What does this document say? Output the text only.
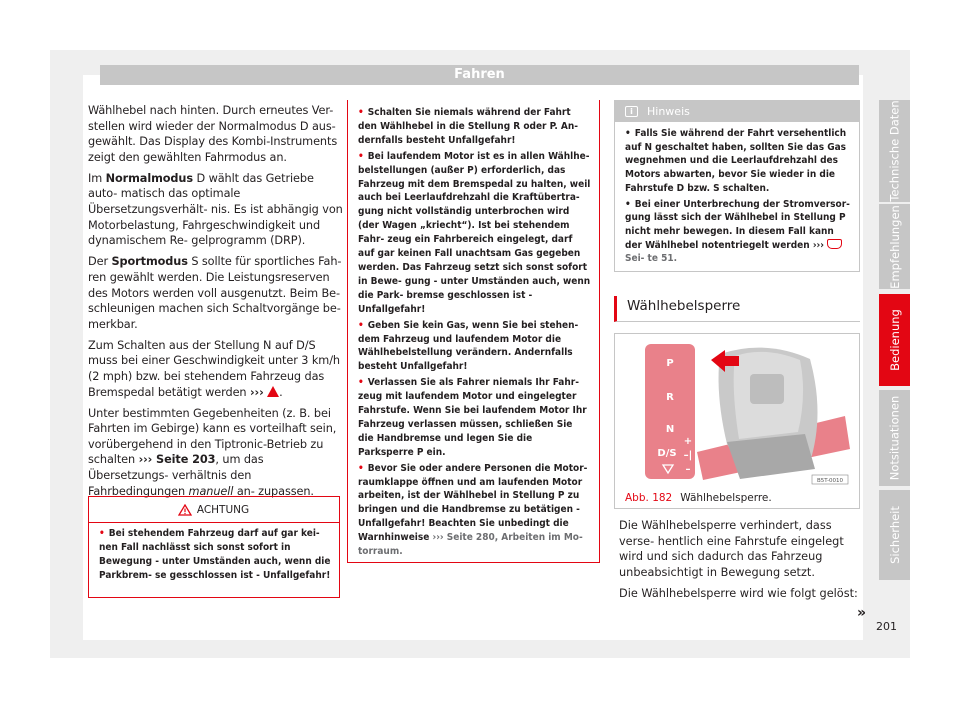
Fahren

Wählhebel nach hinten. Durch erneutes Ver- stellen wird wieder der Normalmodus D aus- gewählt. Das Display des Kombi-Instruments zeigt den gewählten Fahrmodus an.

Im Normalmodus D wählt das Getriebe auto- matisch das optimale Übersetzungsverhält- nis. Es ist abhängig von Motorbelastung, Fahrgeschwindigkeit und dynamischem Re- gelprogramm (DRP).

Der Sportmodus S sollte für sportliches Fah- ren gewählt werden. Die Leistungsreserven des Motors werden voll ausgenutzt. Beim Be- schleunigen machen sich Schaltvorgänge be- merkbar.

Zum Schalten aus der Stellung N auf D/S muss bei einer Geschwindigkeit unter 3 km/h (2 mph) bzw. bei stehendem Fahrzeug das Bremspedal betätigt werden ››› .

Unter bestimmten Gegebenheiten (z. B. bei Fahrten im Gebirge) kann es vorteilhaft sein, vorübergehend in den Tiptronic-Betrieb zu schalten ››› Seite 203, um das Übersetzungs- verhältnis den Fahrbedingungen manuell an- zupassen.

ACHTUNG
• Bei stehendem Fahrzeug darf auf gar kei- nen Fall nachlässt sich sonst sofort in Bewegung - unter Umständen auch, wenn die Parkbrem- se gesschlossen ist - Unfallgefahr!
• Schalten Sie niemals während der Fahrt den Wählhebel in die Stellung R oder P. An- dernfalls besteht Unfallgefahr!
• Bei laufendem Motor ist es in allen Wählhe- belstellungen (außer P) erforderlich, das Fahrzeug mit dem Bremspedal zu halten, weil auch bei Leerlaufdrehzahl die Kraftübertra- gung nicht vollständig unterbrochen wird (der Wagen „kriecht“). Ist bei stehendem Fahr- zeug ein Fahrbereich eingelegt, darf auf gar keinen Fall unachtsam Gas gegeben werden. Das Fahrzeug setzt sich sonst sofort in Bewe- gung - unter Umständen auch, wenn die Park- bremse geschlossen ist - Unfallgefahr!
• Geben Sie kein Gas, wenn Sie bei stehen- dem Fahrzeug und laufendem Motor die Wählhebelstellung verändern. Andernfalls besteht Unfallgefahr!
• Verlassen Sie als Fahrer niemals Ihr Fahr- zeug mit laufendem Motor und eingelegter Fahrstufe. Wenn Sie bei laufendem Motor Ihr Fahrzeug verlassen müssen, schließen Sie die Handbremse und legen Sie die Parksperre P ein.
• Bevor Sie oder andere Personen die Motor- raumklappe öffnen und am laufenden Motor arbeiten, ist der Wählhebel in Stellung P zu bringen und die Handbremse zu betätigen - Unfallgefahr! Beachten Sie unbedingt die Warnhinweise ››› Seite 280, Arbeiten im Mo- torraum.
i	Hinweis
• Falls Sie während der Fahrt versehentlich auf N geschaltet haben, sollten Sie das Gas wegnehmen und die Leerlaufdrehzahl des Motors abwarten, bevor Sie wieder in die Fahrstufe D bzw. S schalten.
• Bei einer Unterbrechung der Stromversor- gung lässt sich der Wählhebel in Stellung P nicht mehr bewegen. In diesem Fall kann der Wählhebel notentriegelt werden ›››  Sei- te 51.
Wählhebelsperre
P
R
N
D/S
+
–|
–
B5T-0010
Abb. 182 Wählhebelsperre.

Die Wählhebelsperre verhindert, dass verse- hentlich eine Fahrstufe eingelegt wird und sich dadurch das Fahrzeug unbeabsichtigt in Bewegung setzt.

Die Wählhebelsperre wird wie folgt gelöst:

»
Technische Daten
Empfehlungen
Bedienung
Notsituationen
Sicherheit
201
